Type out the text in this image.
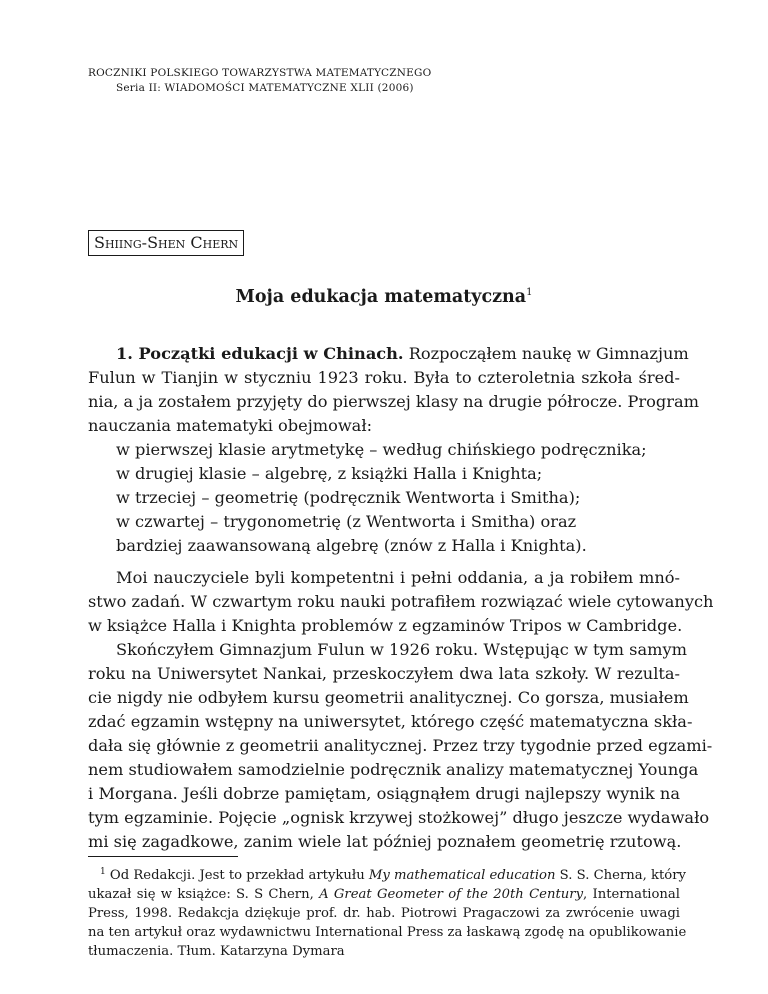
ROCZNIKI POLSKIEGO TOWARZYSTWA MATEMATYCZNEGO
Seria II: WIADOMOŚCI MATEMATYCZNE XLII (2006)
Shiing-Shen Chern
Moja edukacja matematyczna$^1$
1. Początki edukacji w Chinach. Rozpocząłem naukę w Gimnazjum
Fulun w Tianjin w styczniu 1923 roku. Była to czteroletnia szkoła śred-
nia, a ja zostałem przyjęty do pierwszej klasy na drugie półrocze. Program
nauczania matematyki obejmował:
w pierwszej klasie arytmetykę – według chińskiego podręcznika;
w drugiej klasie – algebrę, z książki Halla i Knighta;
w trzeciej – geometrię (podręcznik Wentworta i Smitha);
w czwartej – trygonometrię (z Wentworta i Smitha) oraz
bardziej zaawansowaną algebrę (znów z Halla i Knighta).
Moi nauczyciele byli kompetentni i pełni oddania, a ja robiłem mnó-
stwo zadań. W czwartym roku nauki potrafiłem rozwiązać wiele cytowanych
w książce Halla i Knighta problemów z egzaminów Tripos w Cambridge.
Skończyłem Gimnazjum Fulun w 1926 roku. Wstępując w tym samym
roku na Uniwersytet Nankai, przeskoczyłem dwa lata szkoły. W rezulta-
cie nigdy nie odbyłem kursu geometrii analitycznej. Co gorsza, musiałem
zdać egzamin wstępny na uniwersytet, którego część matematyczna skła-
dała się głównie z geometrii analitycznej. Przez trzy tygodnie przed egzami-
nem studiowałem samodzielnie podręcznik analizy matematycznej Younga
i Morgana. Jeśli dobrze pamiętam, osiągnąłem drugi najlepszy wynik na
tym egzaminie. Pojęcie „ognisk krzywej stożkowej” długo jeszcze wydawało
mi się zagadkowe, zanim wiele lat później poznałem geometrię rzutową.
$^1$ Od Redakcji. Jest to przekład artykułu My mathematical education S. S. Cherna, który
ukazał się w książce: S. S Chern, A Great Geometer of the 20th Century, International
Press, 1998. Redakcja dziękuje prof. dr. hab. Piotrowi Pragaczowi za zwrócenie uwagi
na ten artykuł oraz wydawnictwu International Press za łaskawą zgodę na opublikowanie
tłumaczenia. Tłum. Katarzyna Dymara
